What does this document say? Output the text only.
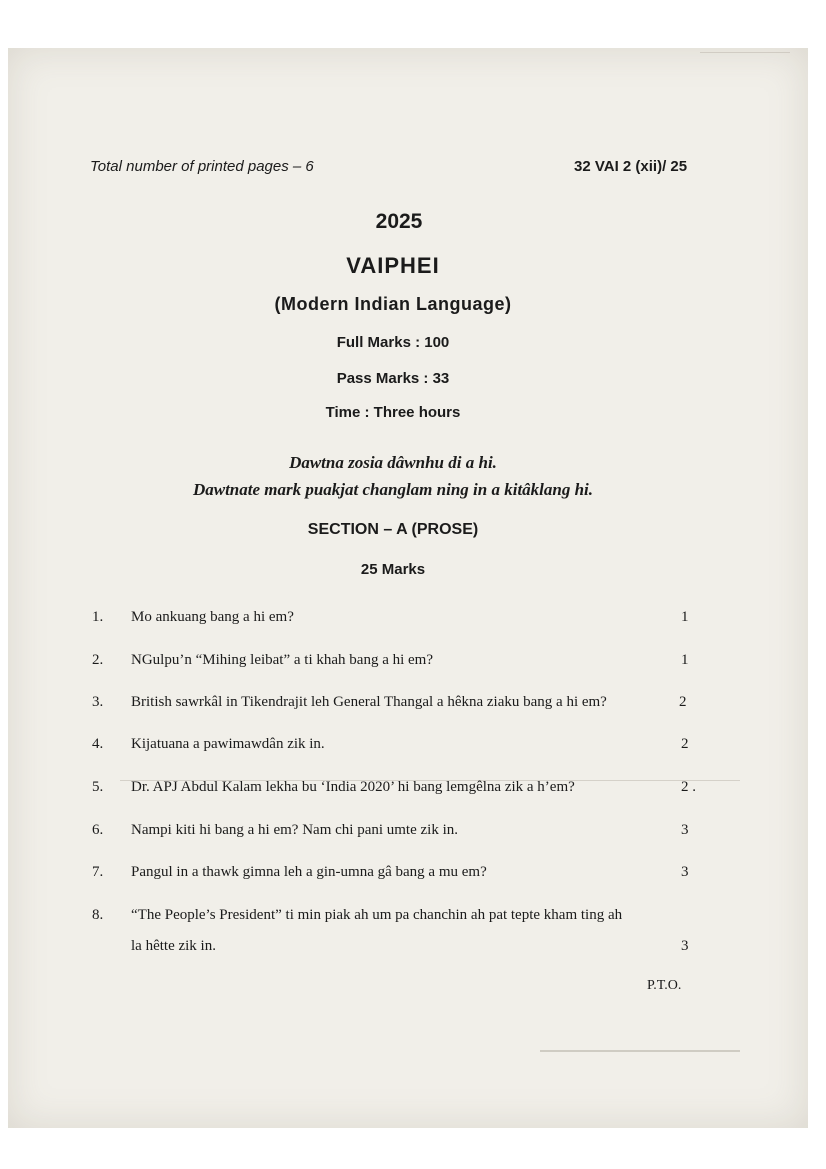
Total number of printed pages – 6	32 VAI 2 (xii)/ 25
2025
VAIPHEI
(Modern Indian Language)
Full Marks : 100
Pass Marks : 33
Time : Three hours
Dawtna zosia dâwnhu di a hi.
Dawtnate mark puakjat changlam ning in a kitâklang hi.
SECTION – A (PROSE)
25 Marks
1. Mo ankuang bang a hi em?	1
2. NGulpu’n “Mihing leibat” a ti khah bang a hi em?	1
3. British sawrkâl in Tikendrajit leh General Thangal a hêkna ziaku bang a hi em?	2
4. Kijatuana a pawimawdân zik in.	2
5. Dr. APJ Abdul Kalam lekha bu ‘India 2020’ hi bang lemgêlna zik a h’em?	2 .
6. Nampi kiti hi bang a hi em? Nam chi pani umte zik in.	3
7. Pangul in a thawk gimna leh a gin-umna gâ bang a mu em?	3
8. “The People’s President” ti min piak ah um pa chanchin ah pat tepte kham ting ah
la hêtte zik in.	3
P.T.O.
